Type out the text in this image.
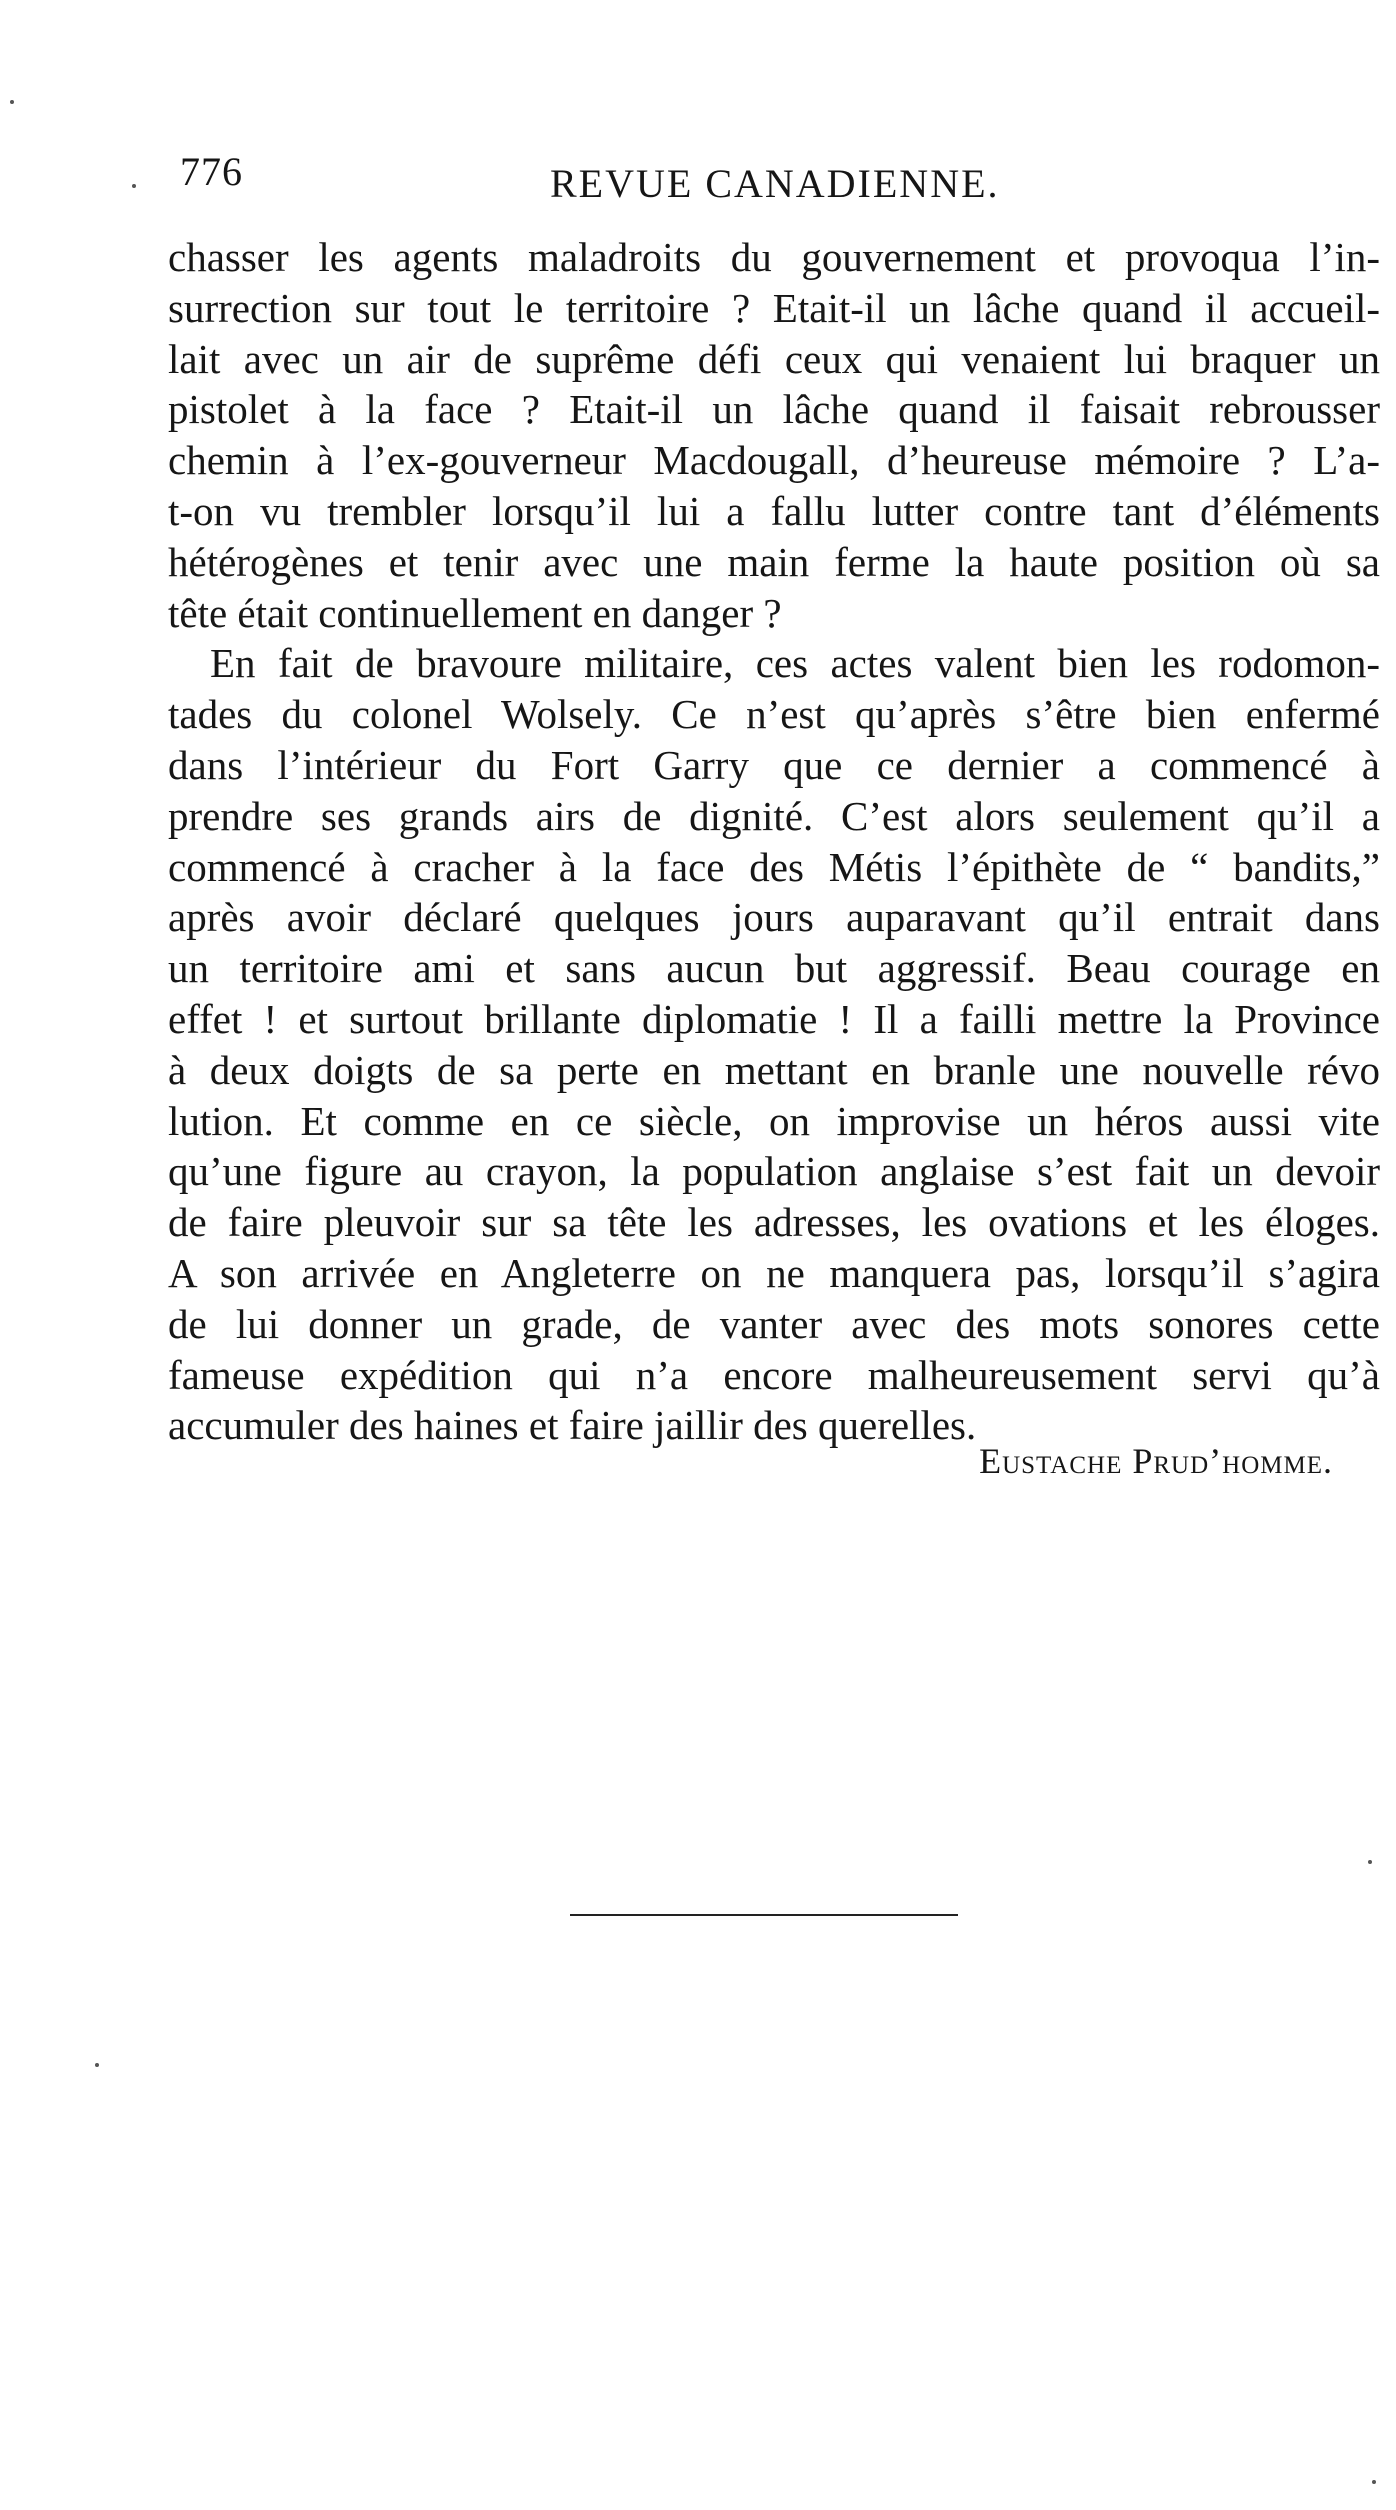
776	REVUE CANADIENNE.
chasser les agents maladroits du gouvernement et provoqua l’in-
surrection sur tout le territoire ? Etait-il un lâche quand il accueil-
lait avec un air de suprême défi ceux qui venaient lui braquer un
pistolet à la face ? Etait-il un lâche quand il faisait rebrousser
chemin à l’ex-gouverneur Macdougall, d’heureuse mémoire ? L’a-
t-on vu trembler lorsqu’il lui a fallu lutter contre tant d’éléments
hétérogènes et tenir avec une main ferme la haute position où sa
tête était continuellement en danger ?
En fait de bravoure militaire, ces actes valent bien les rodomon-
tades du colonel Wolsely. Ce n’est qu’après s’être bien enfermé
dans l’intérieur du Fort Garry que ce dernier a commencé à
prendre ses grands airs de dignité. C’est alors seulement qu’il a
commencé à cracher à la face des Métis l’épithète de “ bandits,”
après avoir déclaré quelques jours auparavant qu’il entrait dans
un territoire ami et sans aucun but aggressif. Beau courage en
effet ! et surtout brillante diplomatie ! Il a failli mettre la Province
à deux doigts de sa perte en mettant en branle une nouvelle révo
lution. Et comme en ce siècle, on improvise un héros aussi vite
qu’une figure au crayon, la population anglaise s’est fait un devoir
de faire pleuvoir sur sa tête les adresses, les ovations et les éloges.
A son arrivée en Angleterre on ne manquera pas, lorsqu’il s’agira
de lui donner un grade, de vanter avec des mots sonores cette
fameuse expédition qui n’a encore malheureusement servi qu’à
accumuler des haines et faire jaillir des querelles.
Eustache Prud’homme.
